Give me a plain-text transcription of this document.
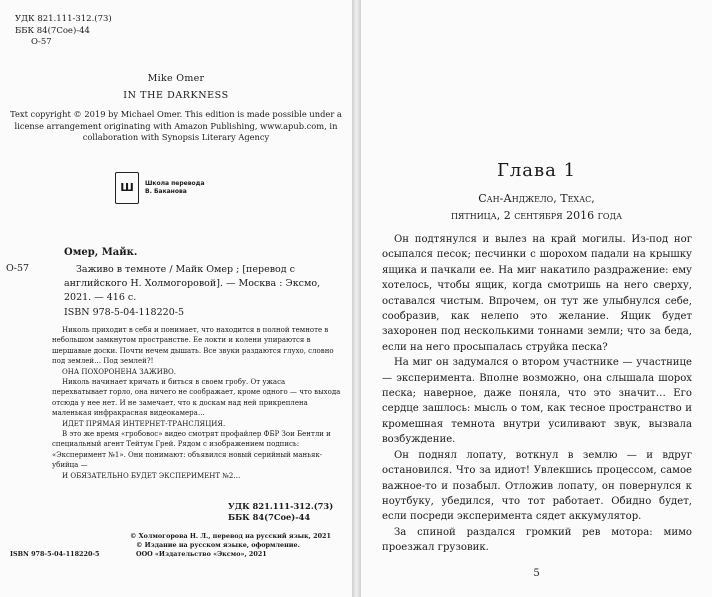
УДК 821.111-312.(73)
ББК 84(7Сое)-44
О-57
Mike Omer
IN THE DARKNESS
Text copyright © 2019 by Michael Omer. This edition is made possible under a license arrangement originating with Amazon Publishing, www.apub.com, in collaboration with Synopsis Literary Agency
Ш	Школа перевода
В. Баканова
Омер, Майк.
О-57	Заживо в темноте / Майк Омер ; [перевод с английского Н. Холмогоровой]. — Москва : Эксмо, 2021. — 416 с.
ISBN 978-5-04-118220-5

Николь приходит в себя и понимает, что находится в полной темноте в небольшом замкнутом пространстве. Ее локти и колени упираются в шершавые доски. Почти нечем дышать. Все звуки раздаются глухо, словно под землей… Под землей?!

ОНА ПОХОРОНЕНА ЗАЖИВО.

Николь начинает кричать и биться в своем гробу. От ужаса перехватывает горло, она ничего не соображает, кроме одного — что выхода отсюда у нее нет. И не замечает, что к доскам над ней прикреплена маленькая инфракрасная видеокамера…

ИДЕТ ПРЯМАЯ ИНТЕРНЕТ-ТРАНСЛЯЦИЯ.

В это же время «гробовос» видео смотрят профайлер ФБР Зои Бентли и специальный агент Тейтум Грей. Рядом с изображением подпись: «Эксперимент №1». Они понимают: объявился новый серийный маньяк-убийца —

И ОБЯЗАТЕЛЬНО БУДЕТ ЭКСПЕРИМЕНТ №2…

УДК 821.111-312.(73)
ББК 84(7Сое)-44
© Холмогорова Н. Л., перевод на русский язык, 2021
© Издание на русском языке, оформление.
ООО «Издательство «Эксмо», 2021
ISBN 978-5-04-118220-5
Глава 1
Сан-Анджело, Техас,
пятница, 2 сентября 2016 года

Он подтянулся и вылез на край могилы. Из-под ног осыпался песок; песчинки с шорохом падали на крышку ящика и пачкали ее. На миг накатило раздражение: ему хотелось, чтобы ящик, когда смотришь на него сверху, оставался чистым. Впрочем, он тут же улыбнулся себе, сообразив, как нелепо это желание. Ящик будет захоронен под несколькими тоннами земли; что за беда, если на него просыпалась струйка песка?

На миг он задумался о втором участнике — участнице — эксперимента. Вполне возможно, она слышала шорох песка; наверное, даже поняла, что это значит… Его сердце зашлось: мысль о том, как тесное пространство и кромешная темнота внутри усиливают звук, вызвала возбуждение.

Он поднял лопату, воткнул в землю — и вдруг остановился. Что за идиот! Увлекшись процессом, самое важное-то и позабыл. Отложив лопату, он повернулся к ноутбуку, убедился, что тот работает. Обидно будет, если посреди эксперимента сядет аккумулятор.

За спиной раздался громкий рев мотора: мимо проезжал грузовик.

5
